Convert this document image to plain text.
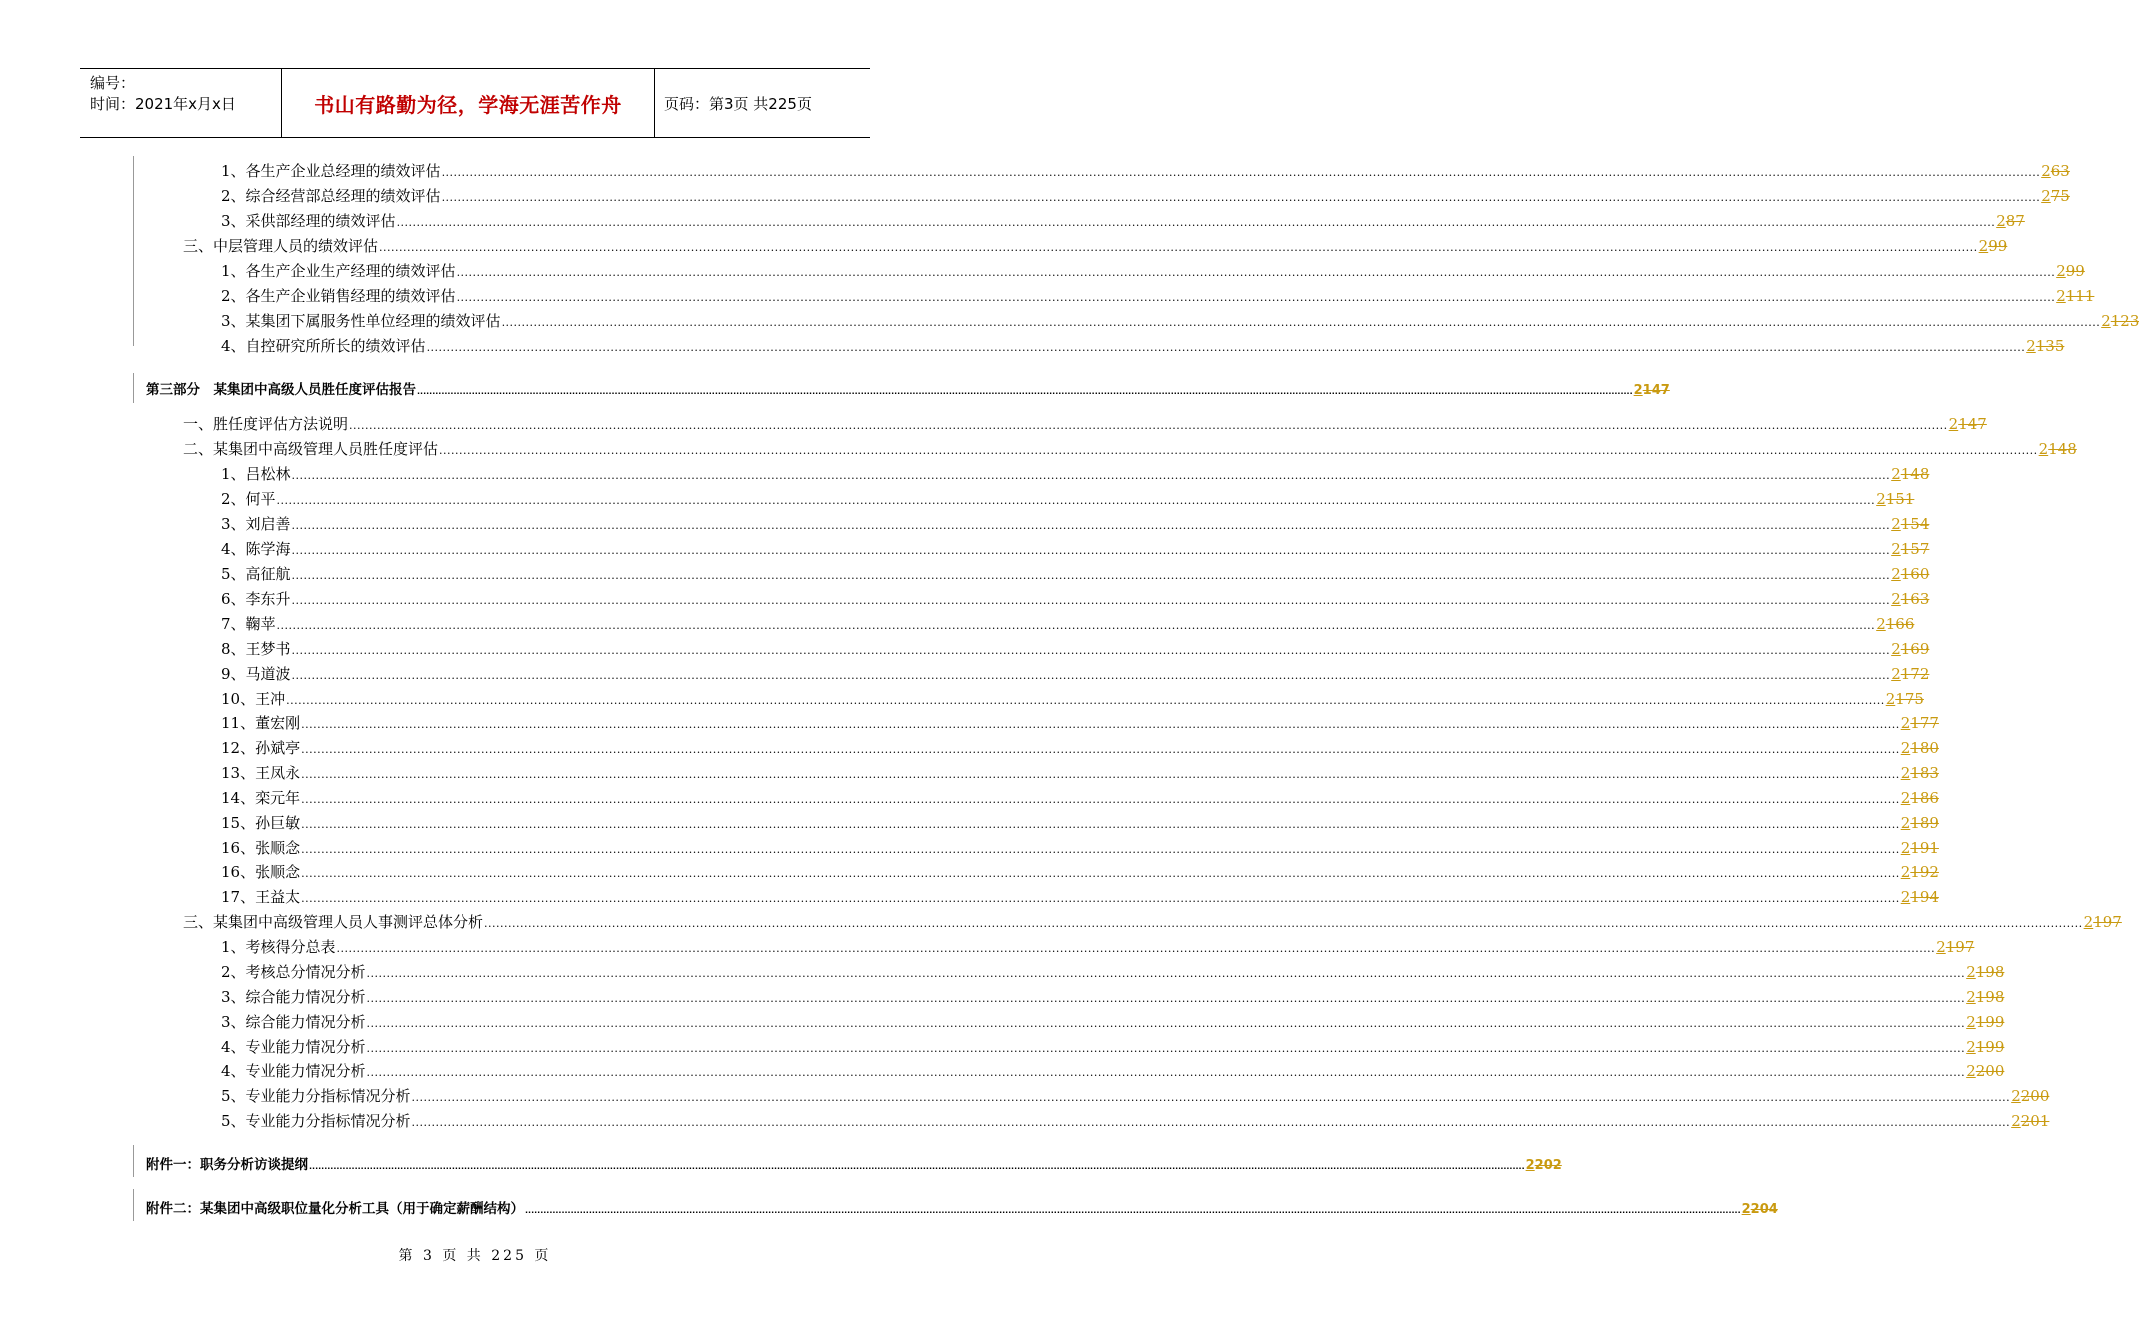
编号：
时间：2021年x月x日	书山有路勤为径，学海无涯苦作舟	页码：第3页 共225页
1、 各生产企业总经理的绩效评估 ................................................................................................................................................................................................................................................................................................................................................................................................................ 263
2、 综合经营部总经理的绩效评估 ................................................................................................................................................................................................................................................................................................................................................................................................................ 275
3、 采供部经理的绩效评估 ................................................................................................................................................................................................................................................................................................................................................................................................................ 287
三、中层管理人员的绩效评估 ................................................................................................................................................................................................................................................................................................................................................................................................................ 299
1、 各生产企业生产经理的绩效评估 ................................................................................................................................................................................................................................................................................................................................................................................................................ 299
2、 各生产企业销售经理的绩效评估 ................................................................................................................................................................................................................................................................................................................................................................................................................ 2111
3、 某集团下属服务性单位经理的绩效评估 ................................................................................................................................................................................................................................................................................................................................................................................................................ 2123
4、 自控研究所所长的绩效评估 ................................................................................................................................................................................................................................................................................................................................................................................................................ 2135
第三部分　某集团中高级人员胜任度评估报告 ................................................................................................................................................................................................................................................................................................................................................................................................................ 2147
一、胜任度评估方法说明 ................................................................................................................................................................................................................................................................................................................................................................................................................ 2147
二、某集团中高级管理人员胜任度评估 ................................................................................................................................................................................................................................................................................................................................................................................................................ 2148
1、吕松林 ................................................................................................................................................................................................................................................................................................................................................................................................................ 2148
2、何平 ................................................................................................................................................................................................................................................................................................................................................................................................................ 2151
3、刘启善 ................................................................................................................................................................................................................................................................................................................................................................................................................ 2154
4、陈学海 ................................................................................................................................................................................................................................................................................................................................................................................................................ 2157
5、高征航 ................................................................................................................................................................................................................................................................................................................................................................................................................ 2160
6、李东升 ................................................................................................................................................................................................................................................................................................................................................................................................................ 2163
7、鞠苹 ................................................................................................................................................................................................................................................................................................................................................................................................................ 2166
8、王梦书 ................................................................................................................................................................................................................................................................................................................................................................................................................ 2169
9、马道波 ................................................................................................................................................................................................................................................................................................................................................................................................................ 2172
10、王冲 ................................................................................................................................................................................................................................................................................................................................................................................................................ 2175
11、董宏刚 ................................................................................................................................................................................................................................................................................................................................................................................................................ 2177
12、孙斌亭 ................................................................................................................................................................................................................................................................................................................................................................................................................ 2180
13、王凤永 ................................................................................................................................................................................................................................................................................................................................................................................................................ 2183
14、栾元年 ................................................................................................................................................................................................................................................................................................................................................................................................................ 2186
15、孙巨敏 ................................................................................................................................................................................................................................................................................................................................................................................................................ 2189
16、张顺念 ................................................................................................................................................................................................................................................................................................................................................................................................................ 2191
16、张顺念 ................................................................................................................................................................................................................................................................................................................................................................................................................ 2192
17、王益太 ................................................................................................................................................................................................................................................................................................................................................................................................................ 2194
三、某集团中高级管理人员人事测评总体分析 ................................................................................................................................................................................................................................................................................................................................................................................................................ 2197
1、考核得分总表 ................................................................................................................................................................................................................................................................................................................................................................................................................ 2197
2、考核总分情况分析 ................................................................................................................................................................................................................................................................................................................................................................................................................ 2198
3、综合能力情况分析 ................................................................................................................................................................................................................................................................................................................................................................................................................ 2198
3、综合能力情况分析 ................................................................................................................................................................................................................................................................................................................................................................................................................ 2199
4、专业能力情况分析 ................................................................................................................................................................................................................................................................................................................................................................................................................ 2199
4、专业能力情况分析 ................................................................................................................................................................................................................................................................................................................................................................................................................ 2200
5、专业能力分指标情况分析 ................................................................................................................................................................................................................................................................................................................................................................................................................ 2200
5、专业能力分指标情况分析 ................................................................................................................................................................................................................................................................................................................................................................................................................ 2201
附件一：职务分析访谈提纲 ................................................................................................................................................................................................................................................................................................................................................................................................................ 2202
附件二：某集团中高级职位量化分析工具（用于确定薪酬结构） ................................................................................................................................................................................................................................................................................................................................................................................................................ 2204
第 3 页 共 225 页
